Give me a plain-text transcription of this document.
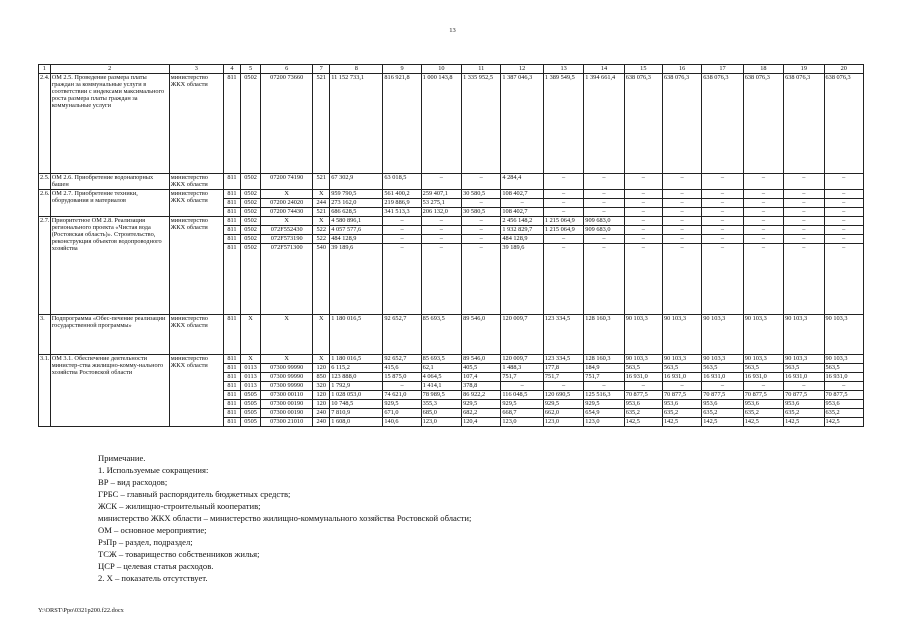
13
1	2	3	4	5	6	7	8	9	10	11	12	13	14	15	16	17	18	19	20
2.4.	ОМ 2.5. Проведение размера платы граждан за коммунальные услуги в соответствии с индексами максимального роста размера платы граждан за коммунальные услуги	министерство ЖКХ области	811	0502	07200 73660	521	11 152 733,1	816 921,8	1 000 143,8	1 335 952,5	1 387 046,3	1 389 549,5	1 394 661,4	638 076,3	638 076,3	638 076,3	638 076,3	638 076,3	638 076,3
2.5.	ОМ 2.6. Приобретение водонапорных башен	министерство ЖКХ области	811	0502	07200 74190	521	67 302,9	63 018,5	–	–	4 284,4	–	–	–	–	–	–	–	–
2.6.	ОМ 2.7. Приобретение техники, оборудования и материалов	министерство ЖКХ области	811	0502	Х	Х	959 790,5	561 400,2	259 407,1	30 580,5	108 402,7	–	–	–	–	–	–	–	–
			811	0502	07200 24020	244	273 162,0	219 886,9	53 275,1	–	–	–	–	–	–	–	–	–	–
			811	0502	07200 74430	521	686 628,5	341 513,3	206 132,0	30 580,5	108 402,7	–	–	–	–	–	–	–	–
2.7.	Приоритетное ОМ 2.8. Реализация регионального проекта «Чистая вода (Ростовская область)». Строительство, реконструкция объектов водопроводного хозяйства	министерство ЖКХ области	811	0502	Х	Х	4 580 896,1	–	–	–	2 456 148,2	1 215 064,9	909 683,0	–	–	–	–	–	–
			811	0502	072F552430	522	4 057 577,6	–	–	–	1 932 829,7	1 215 064,9	909 683,0	–	–	–	–	–	–
			811	0502	072F573190	522	484 128,9	–	–	–	484 128,9	–	–	–	–	–	–	–	–
			811	0502	072F571300	540	39 189,6	–	–	–	39 189,6	–	–	–	–	–	–	–	–
3.	Подпрограмма «Обес-печение реализации государственной программы»	министерство ЖКХ области	811	Х	Х	Х	1 180 016,5	92 652,7	85 693,5	89 546,0	120 009,7	123 334,5	128 160,3	90 103,3	90 103,3	90 103,3	90 103,3	90 103,3	90 103,3
3.1.	ОМ 3.1. Обеспечение деятельности министер-ства жилищно-комму-нального хозяйства Ростовской области	министерство ЖКХ области	811	Х	Х	Х	1 180 016,5	92 652,7	85 693,5	89 546,0	120 009,7	123 334,5	128 160,3	90 103,3	90 103,3	90 103,3	90 103,3	90 103,3	90 103,3
			811	0113	07300 99990	120	6 115,2	415,6	62,1	405,5	1 488,3	177,8	184,9	563,5	563,5	563,5	563,5	563,5	563,5
			811	0113	07300 99990	850	123 888,0	15 875,0	4 064,5	107,4	751,7	751,7	751,7	16 931,0	16 931,0	16 931,0	16 931,0	16 931,0	16 931,0
			811	0113	07300 99990	320	1 792,9	–	1 414,1	378,8	–	–	–	–	–	–	–	–	–
			811	0505	07300 00110	120	1 028 053,0	74 621,0	78 989,5	86 922,2	116 048,5	120 690,5	125 516,3	70 877,5	70 877,5	70 877,5	70 877,5	70 877,5	70 877,5
			811	0505	07300 00190	120	10 748,5	929,5	355,3	929,5	929,5	929,5	929,5	953,6	953,6	953,6	953,6	953,6	953,6
			811	0505	07300 00190	240	7 810,9	671,0	685,0	682,2	668,7	662,0	654,9	635,2	635,2	635,2	635,2	635,2	635,2
			811	0505	07300 21010	240	1 608,0	140,6	123,0	120,4	123,0	123,0	123,0	142,5	142,5	142,5	142,5	142,5	142,5
Примечание.
1. Используемые сокращения:
ВР – вид расходов;
ГРБС – главный распорядитель бюджетных средств;
ЖСК – жилищно-строительный кооператив;
министерство ЖКХ области – министерство жилищно-коммунального хозяйства Ростовской области;
ОМ – основное мероприятие;
РзПр – раздел, подраздел;
ТСЖ – товарищество собственников жилья;
ЦСР – целевая статья расходов.
2. Х – показатель отсутствует.
Y:\ORST\Ppo\0321p200.f22.docx
